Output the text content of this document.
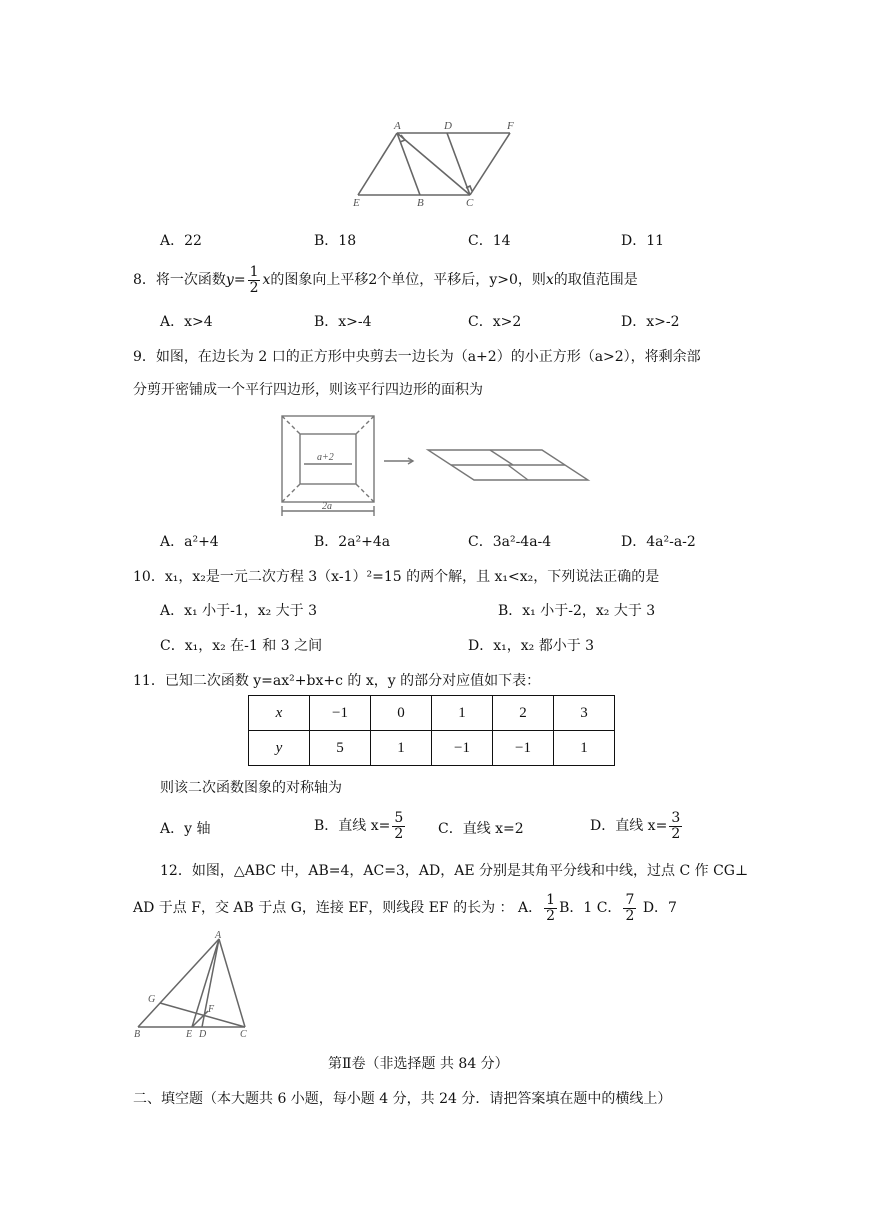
A	D	F
E	B	C
A．22	B．18	C．14	D．11
8．将一次函数$y= \frac{1}{2}$ x的图象向上平移2个单位，平移后，y>0，则x的取值范围是
A．x>4	B．x>-4	C．x>2	D．x>-2
9．如图，在边长为 2 口的正方形中央剪去一边长为（a+2）的小正方形（a>2），将剩余部
分剪开密铺成一个平行四边形，则该平行四边形的面积为
a+2
2a
A．a²+4	B．2a²+4a	C．3a²-4a-4	D．4a²-a-2
10．x₁，x₂是一元二次方程 3（x-1）²=15 的两个解，且 x₁<x₂，下列说法正确的是
A．x₁ 小于-1，x₂ 大于 3	B．x₁ 小于-2，x₂ 大于 3
C．x₁，x₂ 在-1 和 3 之间	D．x₁，x₂ 都小于 3
11．已知二次函数 y=ax²+bx+c 的 x，y 的部分对应值如下表：
x	−1	0	1	2	3
y	5	1	−1	−1	1
则该二次函数图象的对称轴为
A．y 轴	B．直线 $x= \frac{5}{2}$ C．直线 x=2	D．直线 $x= \frac{3}{2}$
12．如图，△ABC 中，AB=4，AC=3，AD，AE 分别是其角平分线和中线，过点 C 作 CG⊥
AD 于点 F，交 AB 于点 G，连接 EF，则线段 EF 的长为 ： A． $\frac{1}{2}$ B．1 C． $\frac{7}{2}$ D．7
A
G
F
B	E D	C
第Ⅱ卷（非选择题 共 84 分）
二、填空题（本大题共 6 小题，每小题 4 分，共 24 分．请把答案填在题中的横线上）
